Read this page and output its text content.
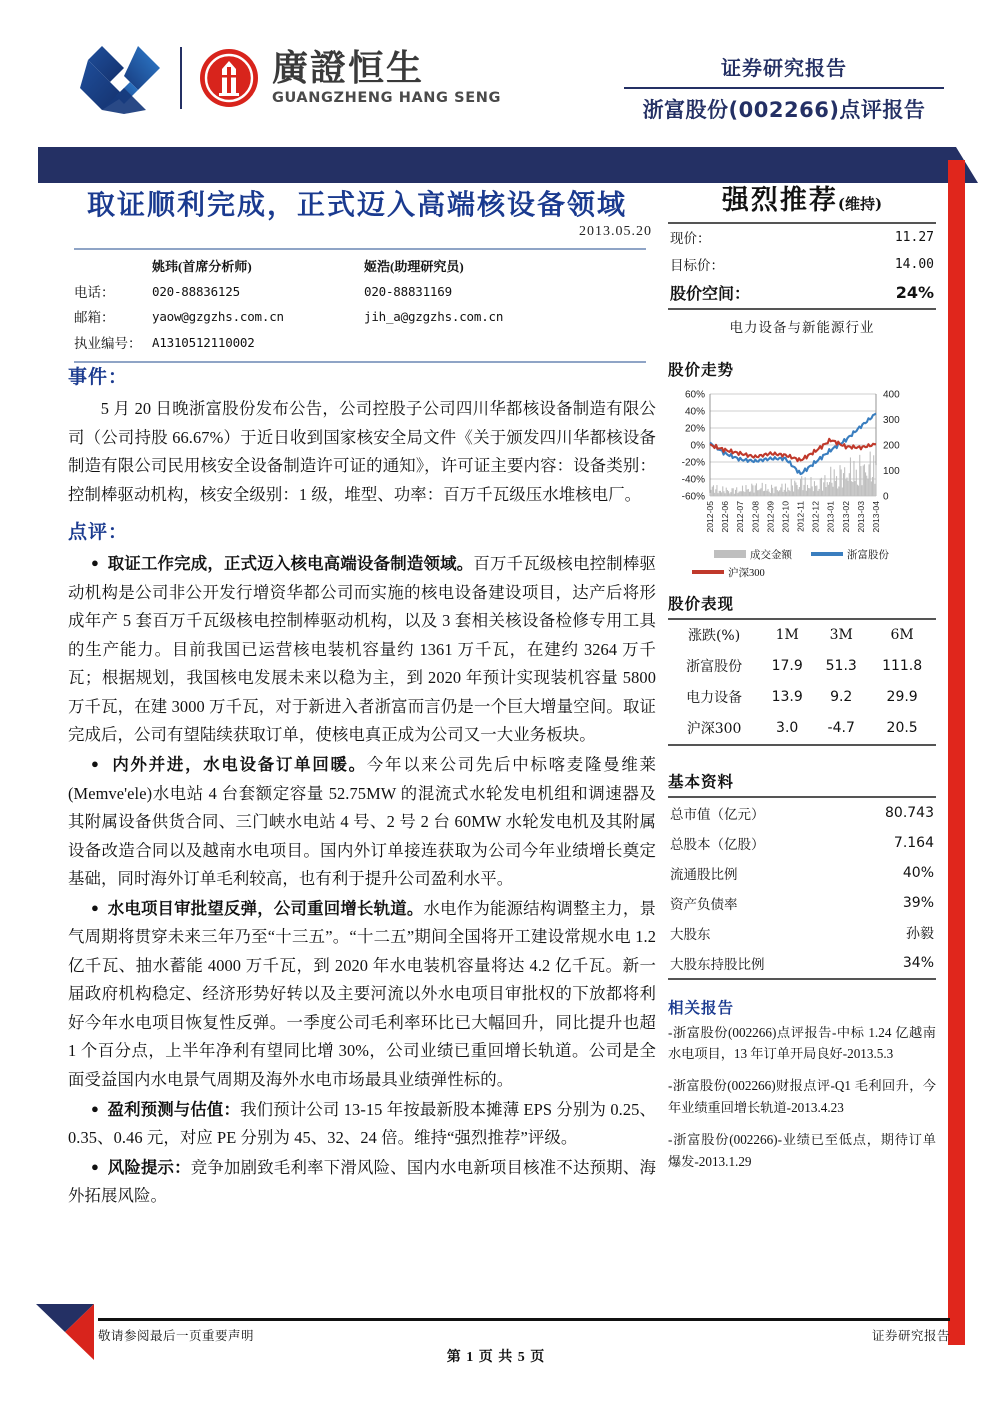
廣證恒生
GUANGZHENG HANG SENG
证券研究报告
浙富股份(002266)点评报告
取证顺利完成，正式迈入高端核设备领域
2013.05.20
	姚玮(首席分析师)	姬浩(助理研究员)
电话：	020-88836125	020-88831169
邮箱：	yaow@gzgzhs.com.cn	jih_a@gzgzhs.com.cn
执业编号：	A1310512110002	
事件：

5 月 20 日晚浙富股份发布公告，公司控股子公司四川华都核设备制造有限公司（公司持股 66.67%）于近日收到国家核安全局文件《关于颁发四川华都核设备制造有限公司民用核安全设备制造许可证的通知》，许可证主要内容：设备类别：控制棒驱动机构，核安全级别：1 级，堆型、功率：百万千瓦级压水堆核电厂。

点评：
● 取证工作完成，正式迈入核电高端设备制造领域。百万千瓦级核电控制棒驱动机构是公司非公开发行增资华都公司而实施的核电设备建设项目，达产后将形成年产 5 套百万千瓦级核电控制棒驱动机构，以及 3 套相关核设备检修专用工具的生产能力。目前我国已运营核电装机容量约 1361 万千瓦，在建约 3264 万千瓦；根据规划，我国核电发展未来以稳为主，到 2020 年预计实现装机容量 5800 万千瓦，在建 3000 万千瓦，对于新进入者浙富而言仍是一个巨大增量空间。取证完成后，公司有望陆续获取订单，使核电真正成为公司又一大业务板块。
● 内外并进，水电设备订单回暖。今年以来公司先后中标喀麦隆曼维莱(Memve'ele)水电站 4 台套额定容量 52.75MW 的混流式水轮发电机组和调速器及其附属设备供货合同、三门峡水电站 4 号、2 号 2 台 60MW 水轮发电机及其附属设备改造合同以及越南水电项目。国内外订单接连获取为公司今年业绩增长奠定基础，同时海外订单毛利较高，也有利于提升公司盈利水平。
● 水电项目审批望反弹，公司重回增长轨道。水电作为能源结构调整主力，景气周期将贯穿未来三年乃至“十三五”。“十二五”期间全国将开工建设常规水电 1.2 亿千瓦、抽水蓄能 4000 万千瓦，到 2020 年水电装机容量将达 4.2 亿千瓦。新一届政府机构稳定、经济形势好转以及主要河流以外水电项目审批权的下放都将利好今年水电项目恢复性反弹。一季度公司毛利率环比已大幅回升，同比提升也超 1 个百分点，上半年净利有望同比增 30%，公司业绩已重回增长轨道。公司是全面受益国内水电景气周期及海外水电市场最具业绩弹性标的。
● 盈利预测与估值：我们预计公司 13-15 年按最新股本摊薄 EPS 分别为 0.25、0.35、0.46 元，对应 PE 分别为 45、32、24 倍。维持“强烈推荐”评级。
● 风险提示：竞争加剧致毛利率下滑风险、国内水电新项目核准不达预期、海外拓展风险。
强烈推荐(维持)
现价：	11.27
目标价：	14.00
股价空间：	24%
电力设备与新能源行业
股价走势
60%
40%
20%
0%
-20%
-40%
-60%
400
300
200
100
0
2012-05 2012-06 2012-07 2012-08 2012-09 2012-10 2012-11 2012-12 2013-01 2013-02 2013-03 2013-04
成交金额	浙富股份
沪深300
股价表现
涨跌(%)	1M	3M	6M
浙富股份	17.9	51.3	111.8
电力设备	13.9	9.2	29.9
沪深300	3.0	-4.7	20.5
基本资料
总市值（亿元）	80.743
总股本（亿股）	7.164
流通股比例	40%
资产负债率	39%
大股东	孙毅
大股东持股比例	34%
相关报告
-浙富股份(002266)点评报告-中标 1.24 亿越南水电项目，13 年订单开局良好-2013.5.3
-浙富股份(002266)财报点评-Q1 毛利回升，今年业绩重回增长轨道-2013.4.23
-浙富股份(002266)-业绩已至低点，期待订单爆发-2013.1.29
敬请参阅最后一页重要声明	证券研究报告
第 1 页 共 5 页
